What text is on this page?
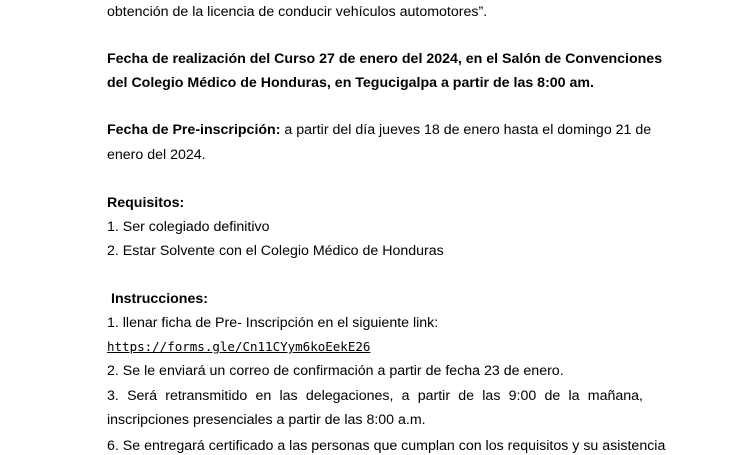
obtención de la licencia de conducir vehículos automotores”.
Fecha de realización del Curso 27 de enero del 2024, en el Salón de Convenciones
del Colegio Médico de Honduras, en Tegucigalpa a partir de las 8:00 am.
Fecha de Pre-inscripción: a partir del día jueves 18 de enero hasta el domingo 21 de
enero del 2024.
Requisitos:
1. Ser colegiado definitivo
2. Estar Solvente con el Colegio Médico de Honduras
Instrucciones:
1. llenar ficha de Pre- Inscripción en el siguiente link:
https://forms.gle/Cn11CYym6koEekE26
2. Se le enviará un correo de confirmación a partir de fecha 23 de enero.
3. Será retransmitido en las delegaciones, a partir de las 9:00 de la mañana,
inscripciones presenciales a partir de las 8:00 a.m.
6. Se entregará certificado a las personas que cumplan con los requisitos y su asistencia
